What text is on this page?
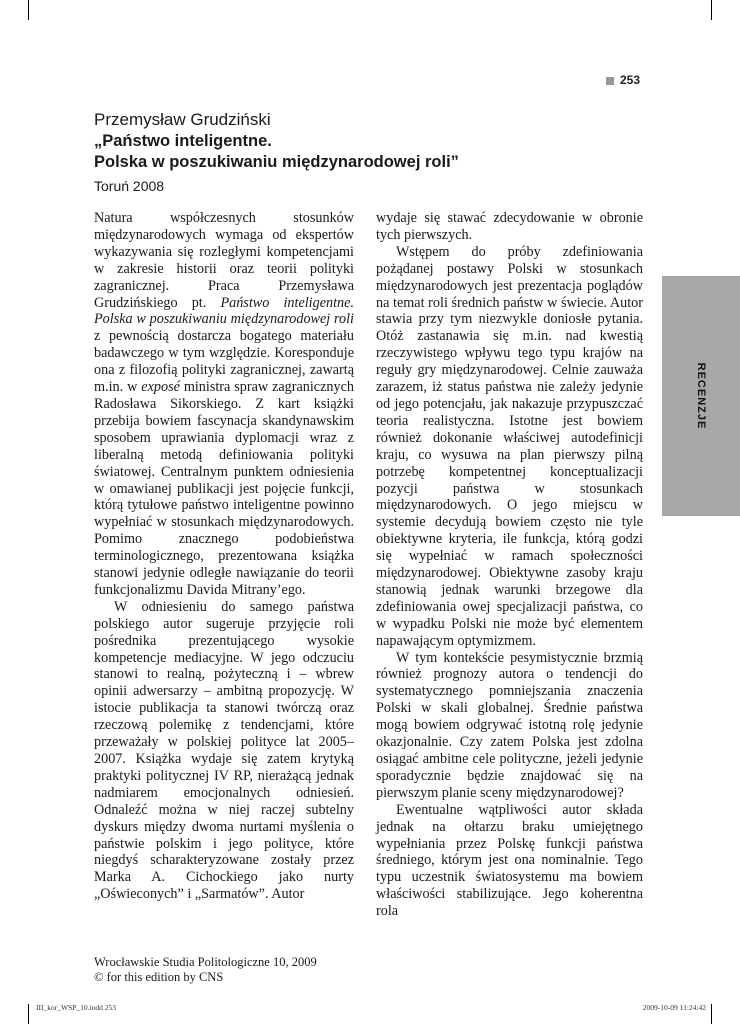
253
Przemysław Grudziński
„Państwo inteligentne.
Polska w poszukiwaniu międzynarodowej roli”
Toruń 2008

Natura współczesnych stosunków międzynarodowych wymaga od ekspertów wykazywania się rozległymi kompetencjami w zakresie historii oraz teorii polityki zagranicznej. Praca Przemysława Grudzińskiego pt. Państwo inteligentne. Polska w poszukiwaniu międzynarodowej roli z pewnością dostarcza bogatego materiału badawczego w tym względzie. Koresponduje ona z filozofią polityki zagranicznej, zawartą m.in. w exposé ministra spraw zagranicznych Radosława Sikorskiego. Z kart książki przebija bowiem fascynacja skandynawskim sposobem uprawiania dyplomacji wraz z liberalną metodą definiowania polityki światowej. Centralnym punktem odniesienia w omawianej publikacji jest pojęcie funkcji, którą tytułowe państwo inteligentne powinno wypełniać w stosunkach międzynarodowych. Pomimo znacznego podobieństwa terminologicznego, prezentowana książka stanowi jedynie odległe nawiązanie do teorii funkcjonalizmu Davida Mitrany’ego.

W odniesieniu do samego państwa polskiego autor sugeruje przyjęcie roli pośrednika prezentującego wysokie kompetencje mediacyjne. W jego odczuciu stanowi to realną, pożyteczną i – wbrew opinii adwersarzy – ambitną propozycję. W istocie publikacja ta stanowi twórczą oraz rzeczową polemikę z tendencjami, które przeważały w polskiej polityce lat 2005–2007. Książka wydaje się zatem krytyką praktyki politycznej IV RP, nierażącą jednak nadmiarem emocjonalnych odniesień. Odnaleźć można w niej raczej subtelny dyskurs między dwoma nurtami myślenia o państwie polskim i jego polityce, które niegdyś scharakteryzowane zostały przez Marka A. Cichockiego jako nurty „Oświeconych” i „Sarmatów”. Autor

wydaje się stawać zdecydowanie w obronie tych pierwszych.

Wstępem do próby zdefiniowania pożądanej postawy Polski w stosunkach międzynarodowych jest prezentacja poglądów na temat roli średnich państw w świecie. Autor stawia przy tym niezwykle doniosłe pytania. Otóż zastanawia się m.in. nad kwestią rzeczywistego wpływu tego typu krajów na reguły gry międzynarodowej. Celnie zauważa zarazem, iż status państwa nie zależy jedynie od jego potencjału, jak nakazuje przypuszczać teoria realistyczna. Istotne jest bowiem również dokonanie właściwej autodefinicji kraju, co wysuwa na plan pierwszy pilną potrzebę kompetentnej konceptualizacji pozycji państwa w stosunkach międzynarodowych. O jego miejscu w systemie decydują bowiem często nie tyle obiektywne kryteria, ile funkcja, którą godzi się wypełniać w ramach społeczności międzynarodowej. Obiektywne zasoby kraju stanowią jednak warunki brzegowe dla zdefiniowania owej specjalizacji państwa, co w wypadku Polski nie może być elementem napawającym optymizmem.

W tym kontekście pesymistycznie brzmią również prognozy autora o tendencji do systematycznego pomniejszania znaczenia Polski w skali globalnej. Średnie państwa mogą bowiem odgrywać istotną rolę jedynie okazjonalnie. Czy zatem Polska jest zdolna osiągać ambitne cele polityczne, jeżeli jedynie sporadycznie będzie znajdować się na pierwszym planie sceny międzynarodowej?

Ewentualne wątpliwości autor składa jednak na ołtarzu braku umiejętnego wypełniania przez Polskę funkcji państwa średniego, którym jest ona nominalnie. Tego typu uczestnik światosystemu ma bowiem właściwości stabilizujące. Jego koherentna rola

RECENZJE
Wrocławskie Studia Politologiczne 10, 2009
© for this edition by CNS
III_kor_WSP_10.indd 253	2009-10-09 11:24:42
